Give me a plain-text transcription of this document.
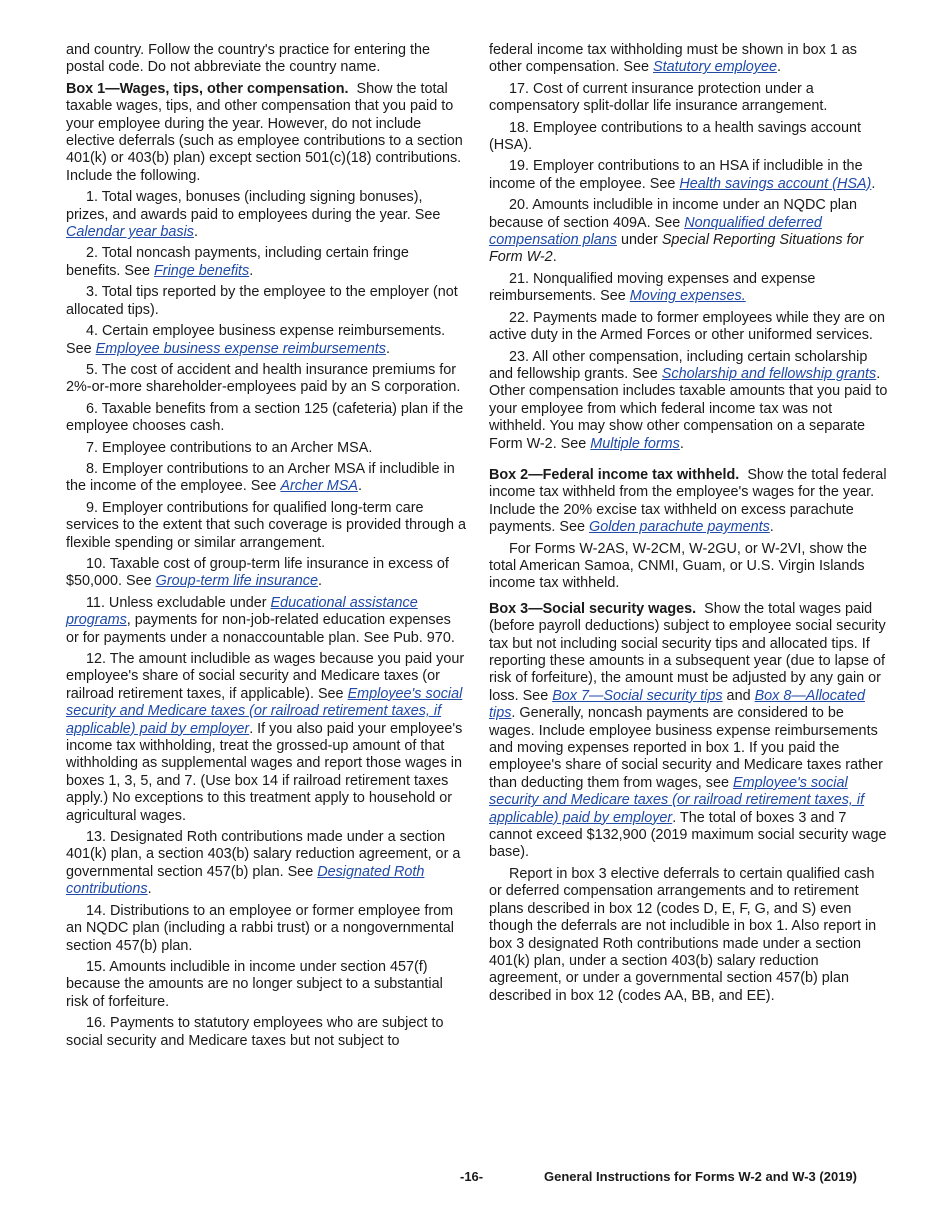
and country. Follow the country's practice for entering the postal code. Do not abbreviate the country name.

Box 1—Wages, tips, other compensation. Show the total taxable wages, tips, and other compensation that you paid to your employee during the year. However, do not include elective deferrals (such as employee contributions to a section 401(k) or 403(b) plan) except section 501(c)(18) contributions. Include the following.

1. Total wages, bonuses (including signing bonuses), prizes, and awards paid to employees during the year. See Calendar year basis.

2. Total noncash payments, including certain fringe benefits. See Fringe benefits.

3. Total tips reported by the employee to the employer (not allocated tips).

4. Certain employee business expense reimbursements. See Employee business expense reimbursements.

5. The cost of accident and health insurance premiums for 2%-or-more shareholder-employees paid by an S corporation.

6. Taxable benefits from a section 125 (cafeteria) plan if the employee chooses cash.

7. Employee contributions to an Archer MSA.

8. Employer contributions to an Archer MSA if includible in the income of the employee. See Archer MSA.

9. Employer contributions for qualified long-term care services to the extent that such coverage is provided through a flexible spending or similar arrangement.

10. Taxable cost of group-term life insurance in excess of $50,000. See Group-term life insurance.

11. Unless excludable under Educational assistance programs, payments for non-job-related education expenses or for payments under a nonaccountable plan. See Pub. 970.

12. The amount includible as wages because you paid your employee's share of social security and Medicare taxes (or railroad retirement taxes, if applicable). See Employee's social security and Medicare taxes (or railroad retirement taxes, if applicable) paid by employer. If you also paid your employee's income tax withholding, treat the grossed-up amount of that withholding as supplemental wages and report those wages in boxes 1, 3, 5, and 7. (Use box 14 if railroad retirement taxes apply.) No exceptions to this treatment apply to household or agricultural wages.

13. Designated Roth contributions made under a section 401(k) plan, a section 403(b) salary reduction agreement, or a governmental section 457(b) plan. See Designated Roth contributions.

14. Distributions to an employee or former employee from an NQDC plan (including a rabbi trust) or a nongovernmental section 457(b) plan.

15. Amounts includible in income under section 457(f) because the amounts are no longer subject to a substantial risk of forfeiture.

16. Payments to statutory employees who are subject to social security and Medicare taxes but not subject to

federal income tax withholding must be shown in box 1 as other compensation. See Statutory employee.

17. Cost of current insurance protection under a compensatory split-dollar life insurance arrangement.

18. Employee contributions to a health savings account (HSA).

19. Employer contributions to an HSA if includible in the income of the employee. See Health savings account (HSA).

20. Amounts includible in income under an NQDC plan because of section 409A. See Nonqualified deferred compensation plans under Special Reporting Situations for Form W-2.

21. Nonqualified moving expenses and expense reimbursements. See Moving expenses.

22. Payments made to former employees while they are on active duty in the Armed Forces or other uniformed services.

23. All other compensation, including certain scholarship and fellowship grants. See Scholarship and fellowship grants. Other compensation includes taxable amounts that you paid to your employee from which federal income tax was not withheld. You may show other compensation on a separate Form W-2. See Multiple forms.

Box 2—Federal income tax withheld. Show the total federal income tax withheld from the employee's wages for the year. Include the 20% excise tax withheld on excess parachute payments. See Golden parachute payments.

For Forms W-2AS, W-2CM, W-2GU, or W-2VI, show the total American Samoa, CNMI, Guam, or U.S. Virgin Islands income tax withheld.

Box 3—Social security wages. Show the total wages paid (before payroll deductions) subject to employee social security tax but not including social security tips and allocated tips. If reporting these amounts in a subsequent year (due to lapse of risk of forfeiture), the amount must be adjusted by any gain or loss. See Box 7—Social security tips and Box 8—Allocated tips. Generally, noncash payments are considered to be wages. Include employee business expense reimbursements and moving expenses reported in box 1. If you paid the employee's share of social security and Medicare taxes rather than deducting them from wages, see Employee's social security and Medicare taxes (or railroad retirement taxes, if applicable) paid by employer. The total of boxes 3 and 7 cannot exceed $132,900 (2019 maximum social security wage base).

Report in box 3 elective deferrals to certain qualified cash or deferred compensation arrangements and to retirement plans described in box 12 (codes D, E, F, G, and S) even though the deferrals are not includible in box 1. Also report in box 3 designated Roth contributions made under a section 401(k) plan, under a section 403(b) salary reduction agreement, or under a governmental section 457(b) plan described in box 12 (codes AA, BB, and EE).

-16-	General Instructions for Forms W-2 and W-3 (2019)
